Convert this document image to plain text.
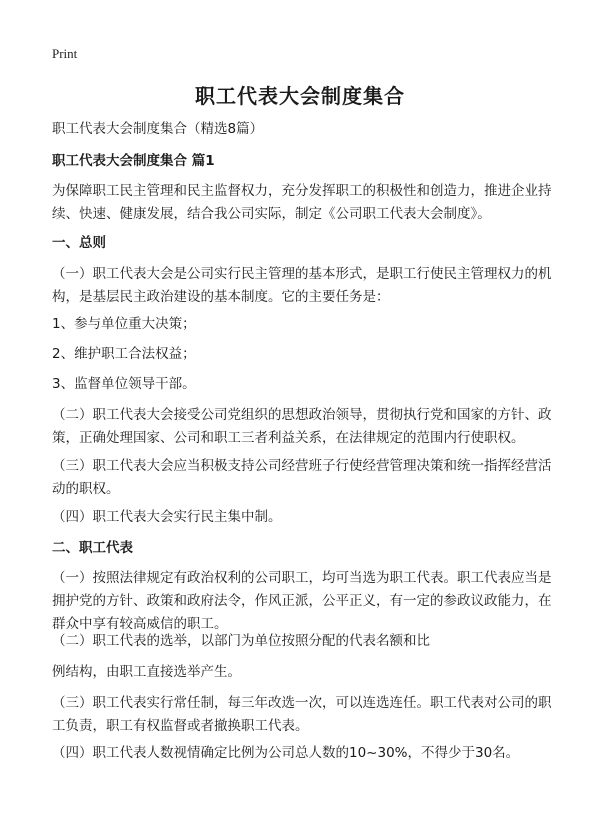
Print
职工代表大会制度集合
职工代表大会制度集合（精选8篇）
职工代表大会制度集合 篇1
为保障职工民主管理和民主监督权力，充分发挥职工的积极性和创造力，推进企业持续、快速、健康发展，结合我公司实际，制定《公司职工代表大会制度》。
一、总则
（一）职工代表大会是公司实行民主管理的基本形式，是职工行使民主管理权力的机构，是基层民主政治建设的基本制度。它的主要任务是：
1、参与单位重大决策；
2、维护职工合法权益；
3、监督单位领导干部。
（二）职工代表大会接受公司党组织的思想政治领导，贯彻执行党和国家的方针、政策，正确处理国家、公司和职工三者利益关系，在法律规定的范围内行使职权。
（三）职工代表大会应当积极支持公司经营班子行使经营管理决策和统一指挥经营活动的职权。
（四）职工代表大会实行民主集中制。
二、职工代表
（一）按照法律规定有政治权利的公司职工，均可当选为职工代表。职工代表应当是拥护党的方针、政策和政府法令，作风正派，公平正义，有一定的参政议政能力，在群众中享有较高威信的职工。
（二）职工代表的选举，以部门为单位按照分配的代表名额和比
例结构，由职工直接选举产生。
（三）职工代表实行常任制，每三年改选一次，可以连选连任。职工代表对公司的职工负责，职工有权监督或者撤换职工代表。
（四）职工代表人数视情确定比例为公司总人数的10~30%，不得少于30名。
